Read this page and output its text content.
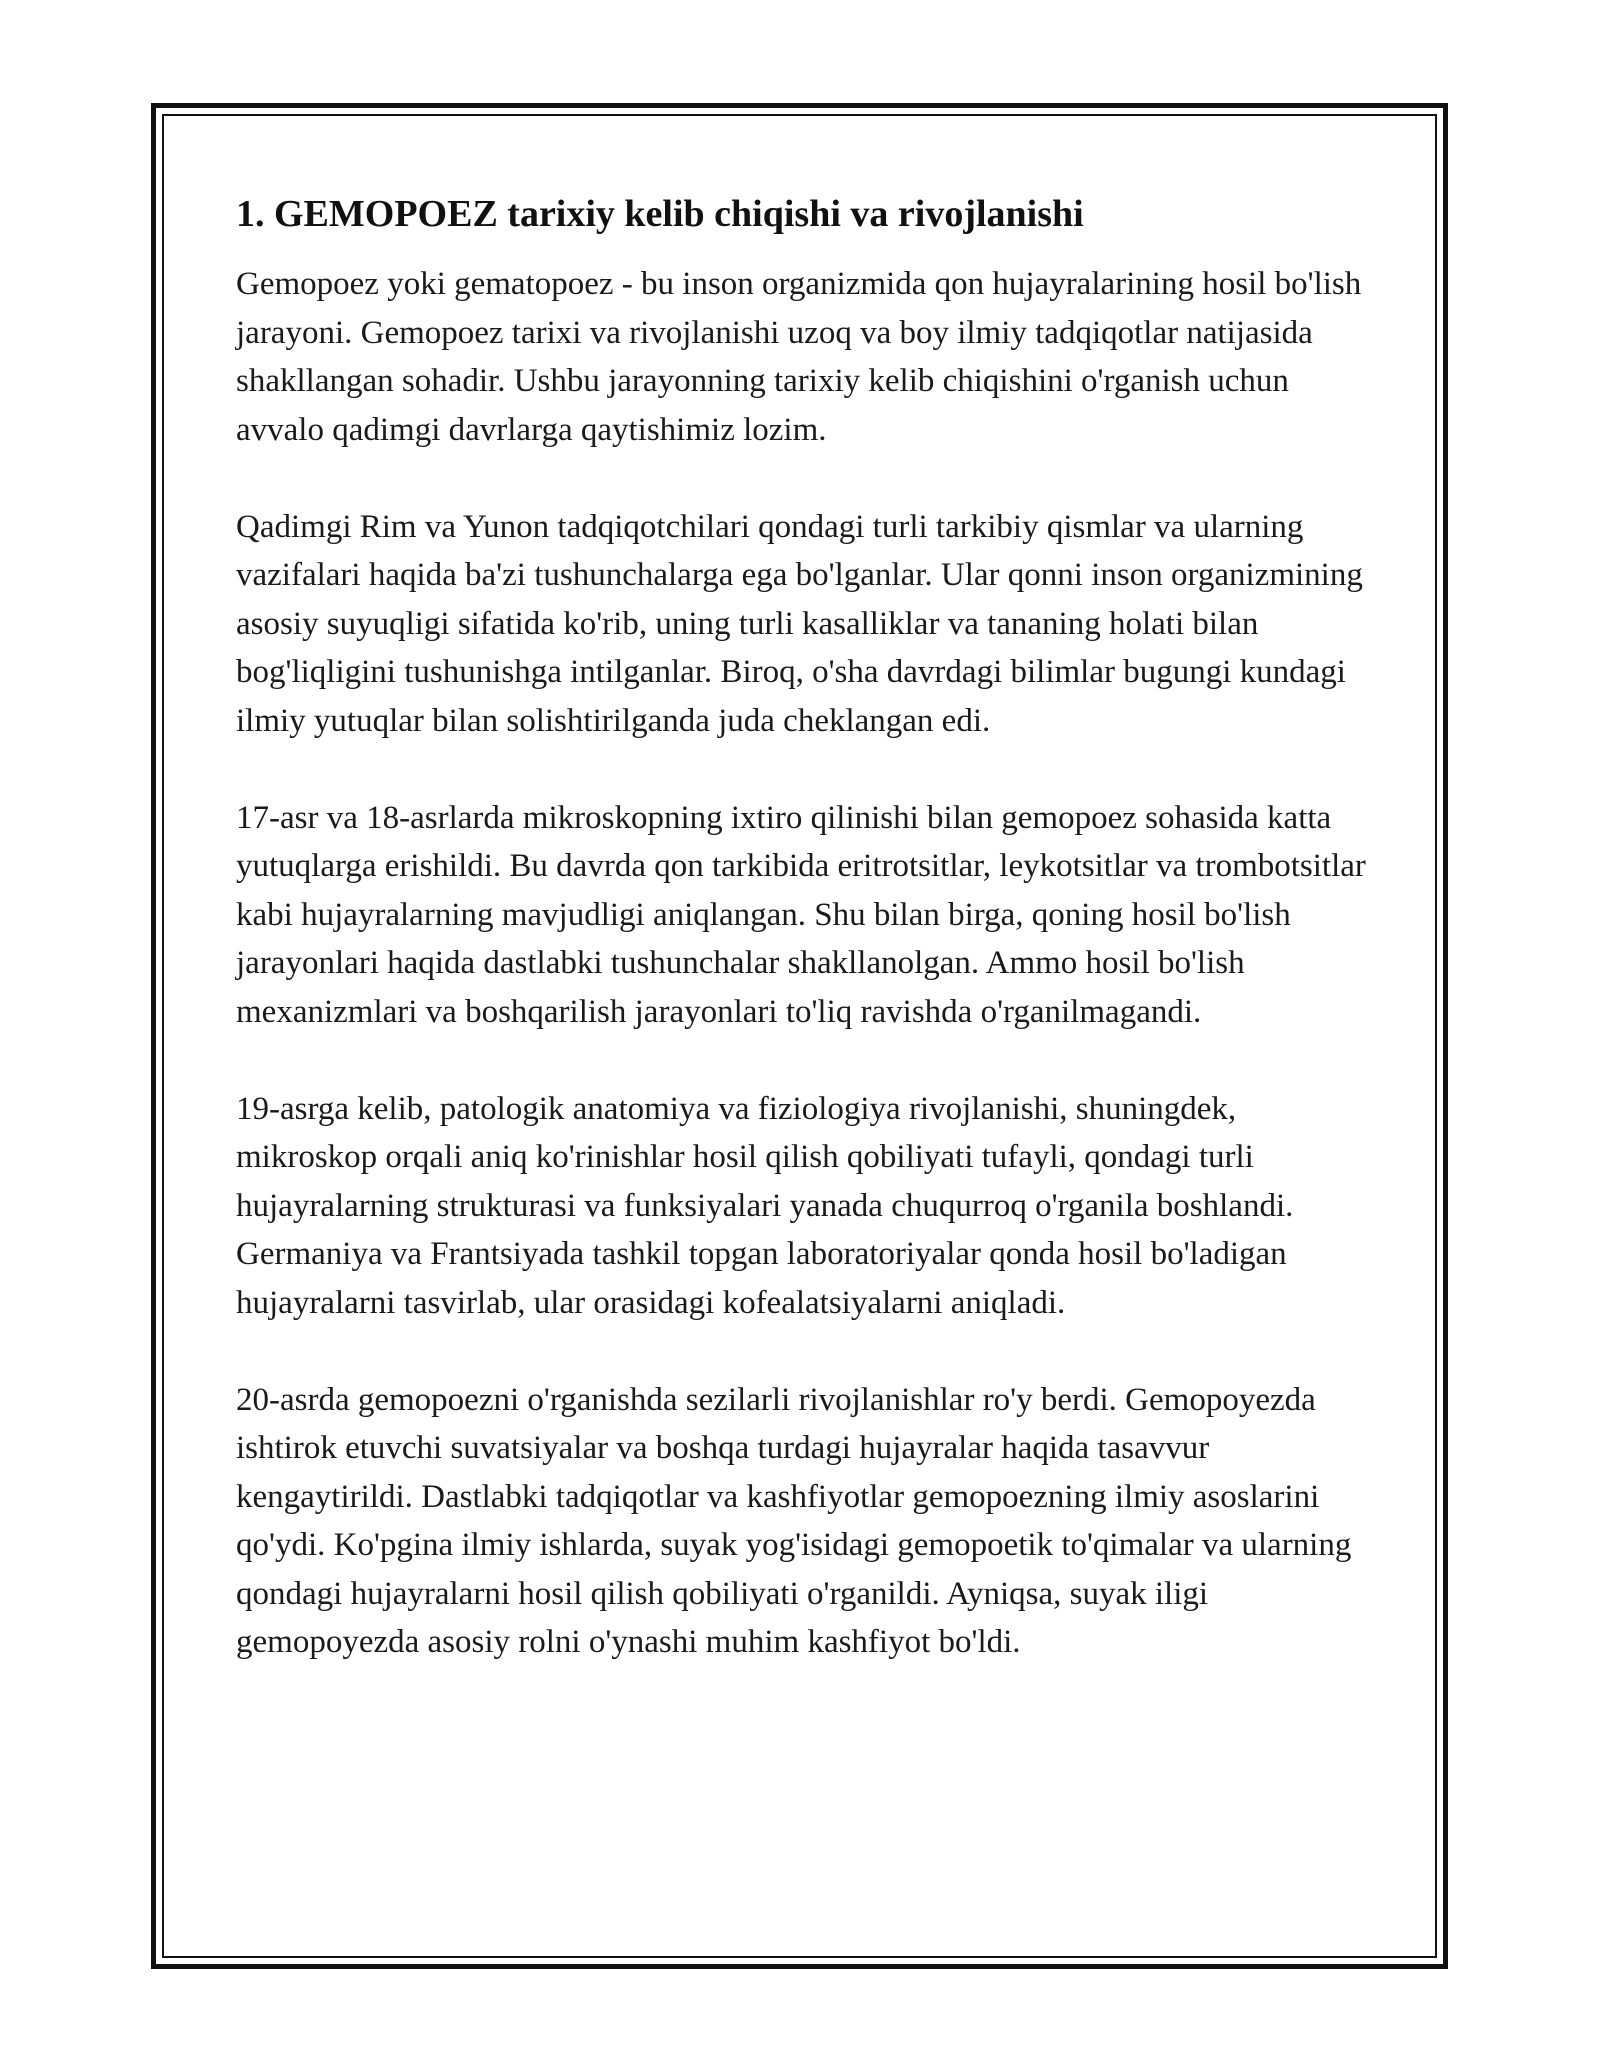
1. GEMOPOEZ tarixiy kelib chiqishi va rivojlanishi

Gemopoez yoki gematopoez - bu inson organizmida qon hujayralarining hosil bo'lish jarayoni. Gemopoez tarixi va rivojlanishi uzoq va boy ilmiy tadqiqotlar natijasida shakllangan sohadir. Ushbu jarayonning tarixiy kelib chiqishini o'rganish uchun avvalo qadimgi davrlarga qaytishimiz lozim.

Qadimgi Rim va Yunon tadqiqotchilari qondagi turli tarkibiy qismlar va ularning vazifalari haqida ba'zi tushunchalarga ega bo'lganlar. Ular qonni inson organizmining asosiy suyuqligi sifatida ko'rib, uning turli kasalliklar va tananing holati bilan bog'liqligini tushunishga intilganlar. Biroq, o'sha davrdagi bilimlar bugungi kundagi ilmiy yutuqlar bilan solishtirilganda juda cheklangan edi.

17-asr va 18-asrlarda mikroskopning ixtiro qilinishi bilan gemopoez sohasida katta yutuqlarga erishildi. Bu davrda qon tarkibida eritrotsitlar, leykotsitlar va trombotsitlar kabi hujayralarning mavjudligi aniqlangan. Shu bilan birga, qoning hosil bo'lish jarayonlari haqida dastlabki tushunchalar shakllanolgan. Ammo hosil bo'lish mexanizmlari va boshqarilish jarayonlari to'liq ravishda o'rganilmagandi.

19-asrga kelib, patologik anatomiya va fiziologiya rivojlanishi, shuningdek, mikroskop orqali aniq ko'rinishlar hosil qilish qobiliyati tufayli, qondagi turli hujayralarning strukturasi va funksiyalari yanada chuqurroq o'rganila boshlandi. Germaniya va Frantsiyada tashkil topgan laboratoriyalar qonda hosil bo'ladigan hujayralarni tasvirlab, ular orasidagi kofealatsiyalarni aniqladi.

20-asrda gemopoezni o'rganishda sezilarli rivojlanishlar ro'y berdi. Gemopoyezda ishtirok etuvchi suvatsiyalar va boshqa turdagi hujayralar haqida tasavvur kengaytirildi. Dastlabki tadqiqotlar va kashfiyotlar gemopoezning ilmiy asoslarini qo'ydi. Ko'pgina ilmiy ishlarda, suyak yog'isidagi gemopoetik to'qimalar va ularning qondagi hujayralarni hosil qilish qobiliyati o'rganildi. Ayniqsa, suyak iligi gemopoyezda asosiy rolni o'ynashi muhim kashfiyot bo'ldi.
